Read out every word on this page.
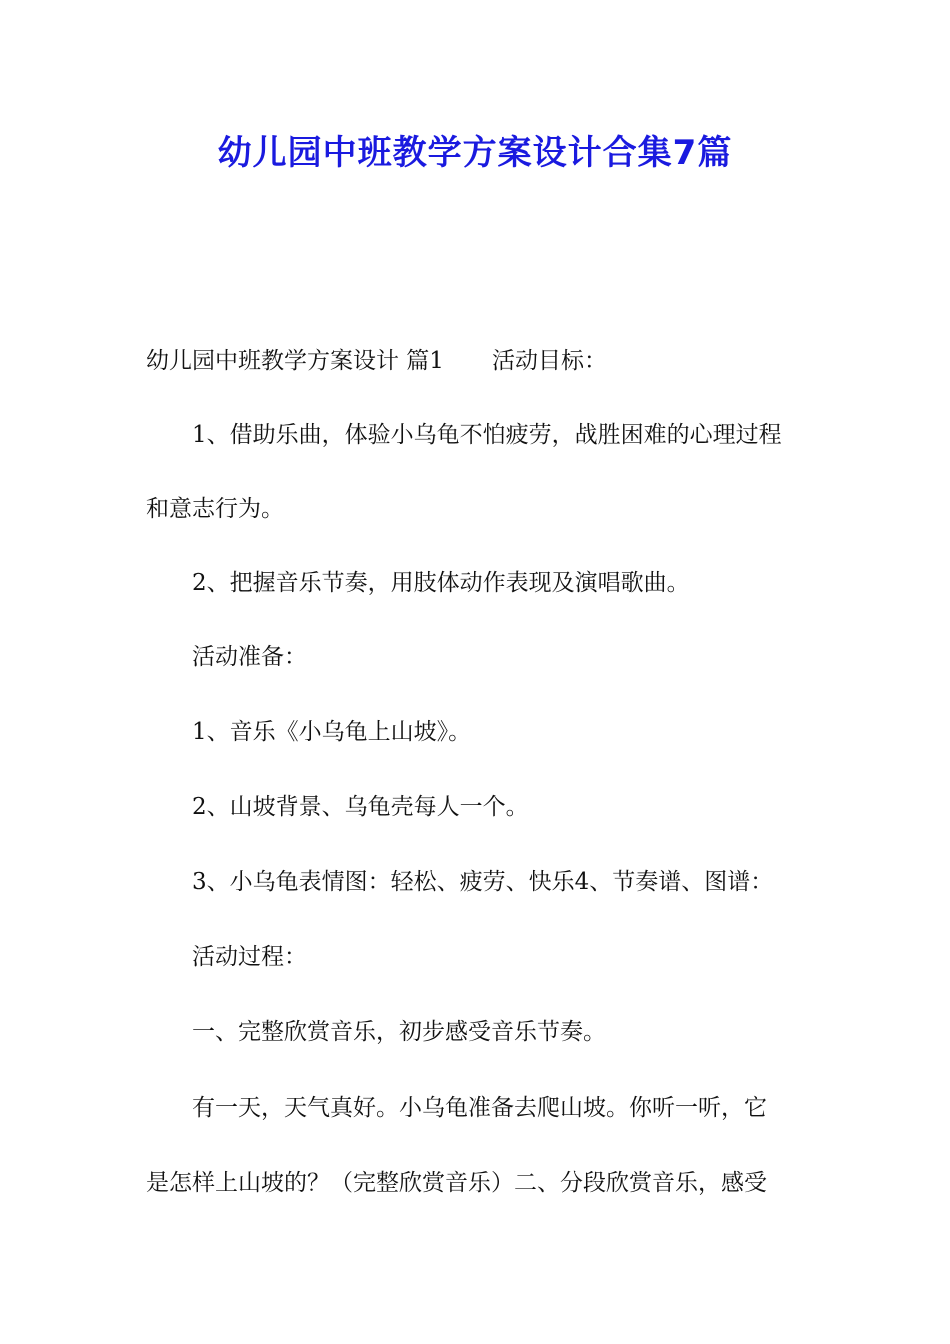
幼儿园中班教学方案设计合集7篇
幼儿园中班教学方案设计 篇1 活动目标：
1、借助乐曲，体验小乌龟不怕疲劳，战胜困难的心理过程
和意志行为。
2、把握音乐节奏，用肢体动作表现及演唱歌曲。
活动准备：
1、音乐《小乌龟上山坡》。
2、山坡背景、乌龟壳每人一个。
3、小乌龟表情图：轻松、疲劳、快乐4、节奏谱、图谱：
活动过程：
一、完整欣赏音乐，初步感受音乐节奏。
有一天，天气真好。小乌龟准备去爬山坡。你听一听，它
是怎样上山坡的？（完整欣赏音乐）二、分段欣赏音乐，感受
